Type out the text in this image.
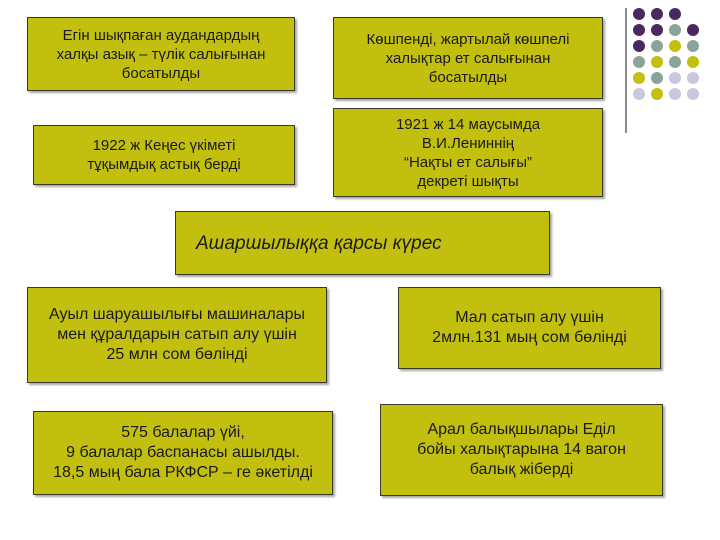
Егін шықпаған аудандардың
халқы азық – түлік салығынан
босатылды
Көшпенді, жартылай көшпелі
халықтар ет салығынан
босатылды
1922 ж Кеңес үкіметі
тұқымдық астық берді
1921 ж 14 маусымда
В.И.Лениннің
“Нақты ет салығы”
декреті шықты
Ашаршылыққа қарсы күрес
Ауыл шаруашылығы машиналары
мен құралдарын сатып алу үшін
25 млн сом бөлінді
Мал сатып алу үшін
2млн.131 мың сом бөлінді
575 балалар үйі,
9 балалар баспанасы ашылды.
18,5 мың бала РКФСР – ге әкетілді
Арал балықшылары Еділ
бойы халықтарына 14 вагон
балық жіберді
